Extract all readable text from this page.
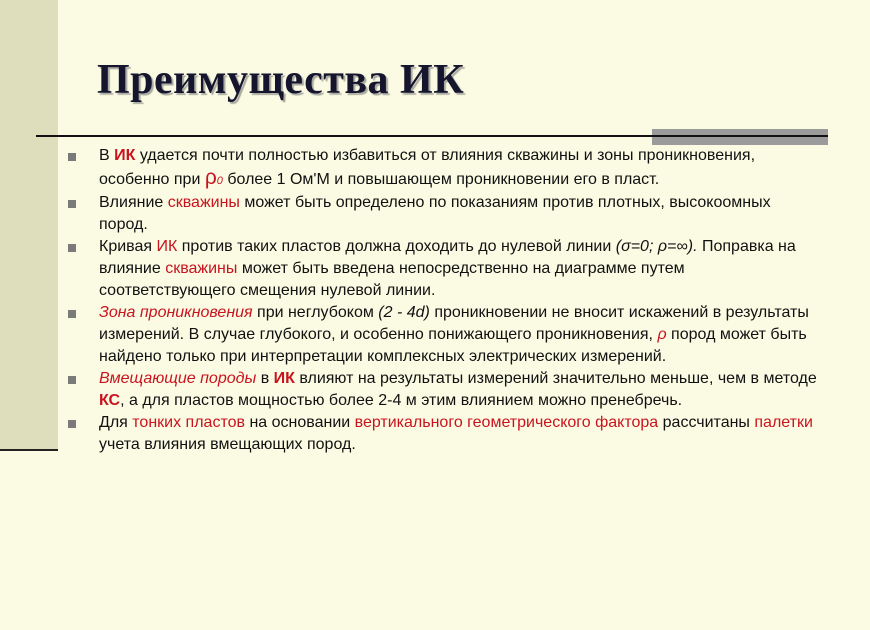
Преимущества ИК
В ИК удается почти полностью избавиться от влияния скважины и зоны проникновения, особенно при ρ0 более 1 Ом'М и повышающем проникновении его в пласт.
Влияние скважины может быть определено по показаниям против плотных, высокоомных пород.
Кривая ИК против таких пластов должна доходить до нулевой линии (σ=0; ρ=∞). Поправка на влияние скважины может быть введена непосредственно на диаграмме путем соответствующего смещения нулевой линии.
Зона проникновения при неглубоком (2 - 4d) проникновении не вносит искажений в результаты измерений. В случае глубокого, и особенно понижающего проникновения, ρ пород может быть найдено только при интерпретации комплексных электрических измерений.
Вмещающие породы в ИК влияют на результаты измерений значительно меньше, чем в методе КС, а для пластов мощностью более 2-4 м этим влиянием можно пренебречь.
Для тонких пластов на основании вертикального геометрического фактора рассчитаны палетки учета влияния вмещающих пород.
